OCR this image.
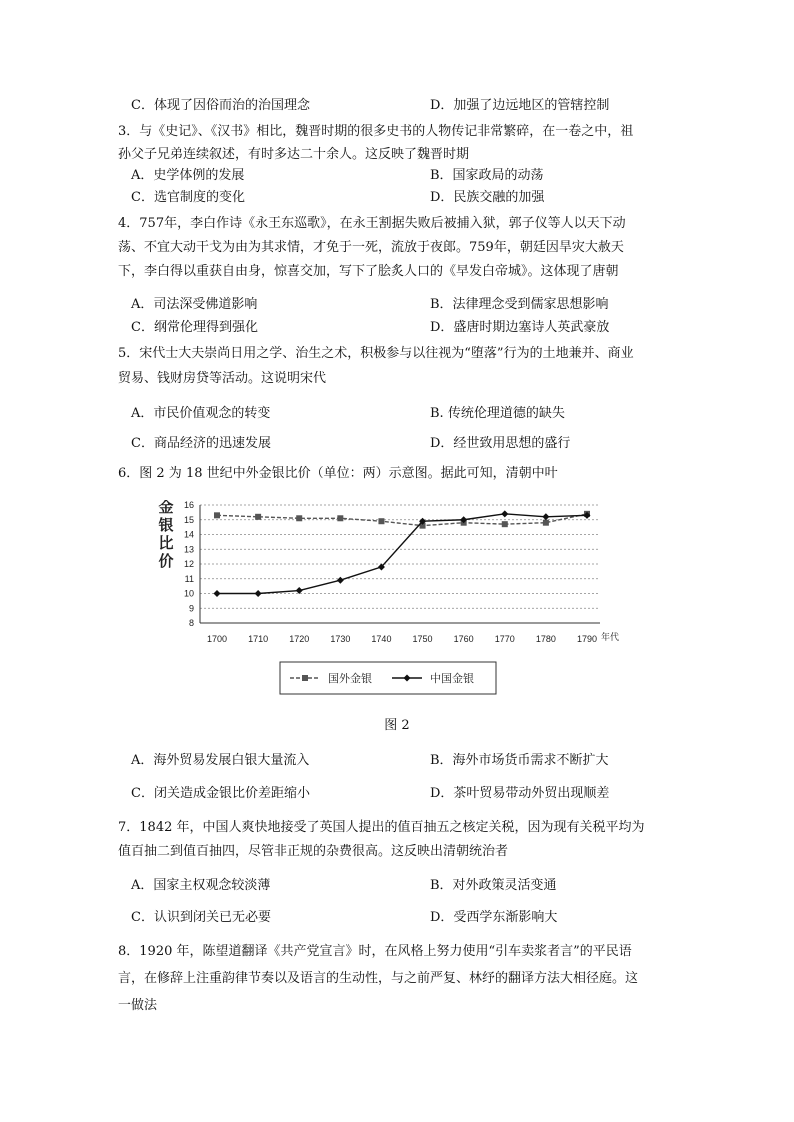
C．体现了因俗而治的治国理念	D．加强了边远地区的管辖控制
3．与《史记》、《汉书》相比，魏晋时期的很多史书的人物传记非常繁碎，在一卷之中，祖
孙父子兄弟连续叙述，有时多达二十余人。这反映了魏晋时期
A．史学体例的发展	B．国家政局的动荡
C．选官制度的变化	D．民族交融的加强
4．757年，李白作诗《永王东巡歌》，在永王割据失败后被捕入狱，郭子仪等人以天下动
荡、不宜大动干戈为由为其求情，才免于一死，流放于夜郎。759年，朝廷因旱灾大赦天
下，李白得以重获自由身，惊喜交加，写下了脍炙人口的《早发白帝城》。这体现了唐朝
A．司法深受佛道影响	B．法律理念受到儒家思想影响
C．纲常伦理得到强化	D．盛唐时期边塞诗人英武豪放
5．宋代士大夫崇尚日用之学、治生之术，积极参与以往视为“堕落”行为的土地兼并、商业
贸易、钱财房贷等活动。这说明宋代
A．市民价值观念的转变	B. 传统伦理道德的缺失
C．商品经济的迅速发展	D．经世致用思想的盛行
6．图 2 为 18 世纪中外金银比价（单位：两）示意图。据此可知，清朝中叶
金银比价
8
9
10
11
12
13
14
15
16
1700 1710 1720 1730 1740 1750 1760 1770 1780 1790 年代
国外金银	中国金银
图 2
A．海外贸易发展白银大量流入	B．海外市场货币需求不断扩大
C．闭关造成金银比价差距缩小	D．茶叶贸易带动外贸出现顺差
7．1842 年，中国人爽快地接受了英国人提出的值百抽五之核定关税，因为现有关税平均为
值百抽二到值百抽四，尽管非正规的杂费很高。这反映出清朝统治者
A．国家主权观念较淡薄	B．对外政策灵活变通
C．认识到闭关已无必要	D．受西学东渐影响大
8．1920 年，陈望道翻译《共产党宣言》时，在风格上努力使用“引车卖浆者言”的平民语
言，在修辞上注重韵律节奏以及语言的生动性，与之前严复、林纾的翻译方法大相径庭。这
一做法
